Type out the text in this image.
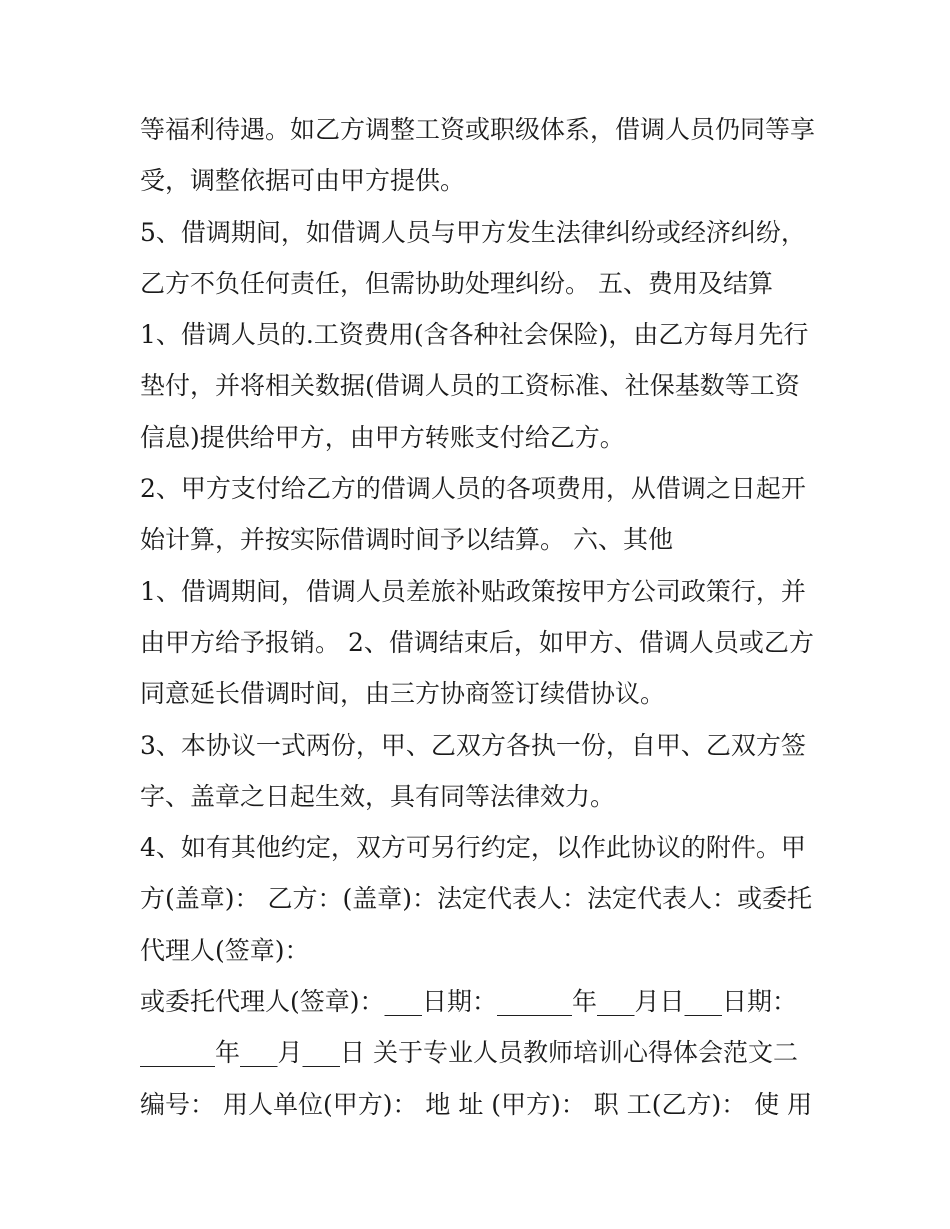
等福利待遇。如乙方调整工资或职级体系，借调人员仍同等享
受，调整依据可由甲方提供。
5、借调期间，如借调人员与甲方发生法律纠纷或经济纠纷，
乙方不负任何责任，但需协助处理纠纷。 五、费用及结算
1、借调人员的.工资费用(含各种社会保险)，由乙方每月先行
垫付，并将相关数据(借调人员的工资标准、社保基数等工资
信息)提供给甲方，由甲方转账支付给乙方。
2、甲方支付给乙方的借调人员的各项费用，从借调之日起开
始计算，并按实际借调时间予以结算。 六、其他
1、借调期间，借调人员差旅补贴政策按甲方公司政策行，并
由甲方给予报销。 2、借调结束后，如甲方、借调人员或乙方
同意延长借调时间，由三方协商签订续借协议。
3、本协议一式两份，甲、乙双方各执一份，自甲、乙双方签
字、盖章之日起生效，具有同等法律效力。
4、如有其他约定，双方可另行约定，以作此协议的附件。甲
方(盖章)： 乙方：(盖章)：法定代表人：法定代表人：或委托
代理人(签章)：
或委托代理人(签章)：___日期：______年___月日___日期：
______年___月___日 关于专业人员教师培训心得体会范文二
编号： 用人单位(甲方)： 地 址 (甲方)： 职 工(乙方)： 使 用
